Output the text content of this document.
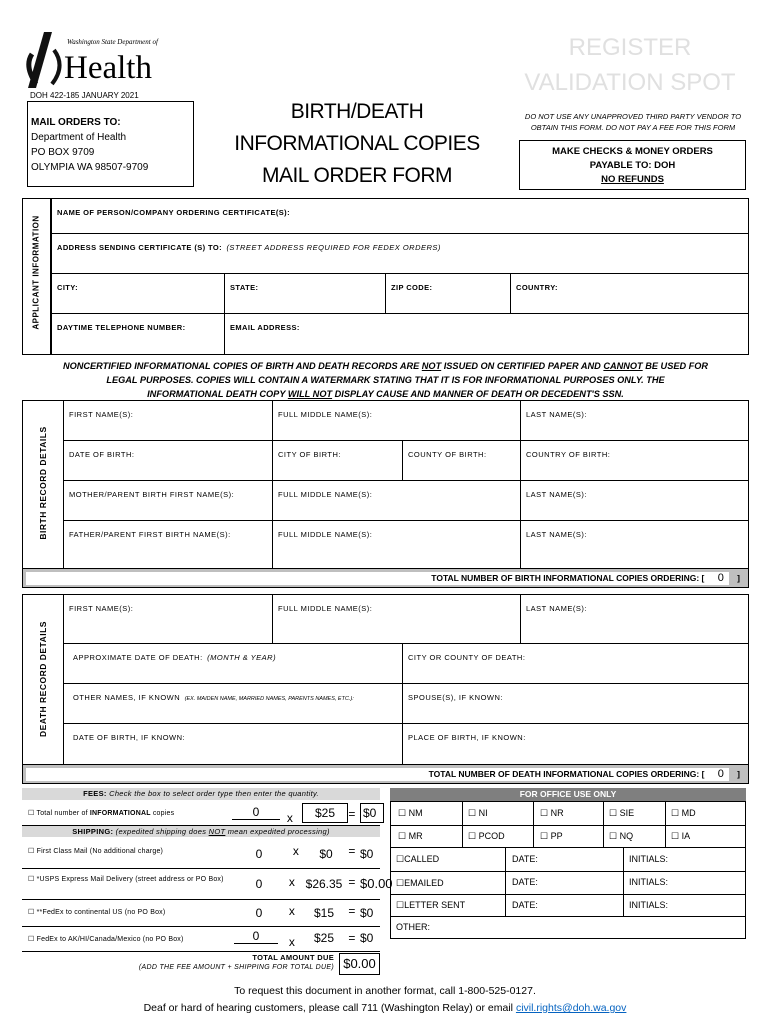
Washington State Department of
Health
DOH 422-185 JANUARY 2021
MAIL ORDERS TO:
Department of Health
PO BOX 9709
OLYMPIA WA 98507-9709
BIRTH/DEATH
INFORMATIONAL COPIES
MAIL ORDER FORM
REGISTER
VALIDATION SPOT
DO NOT USE ANY UNAPPROVED THIRD PARTY VENDOR TO OBTAIN THIS FORM. DO NOT PAY A FEE FOR THIS FORM
MAKE CHECKS & MONEY ORDERS
PAYABLE TO: DOH
NO REFUNDS
APPLICANT INFORMATION
NAME OF PERSON/COMPANY ORDERING CERTIFICATE(S):
ADDRESS SENDING CERTIFICATE (S) TO: (STREET ADDRESS REQUIRED FOR FEDEX ORDERS)
CITY:	STATE:	ZIP CODE:	COUNTRY:
DAYTIME TELEPHONE NUMBER:	EMAIL ADDRESS:
NONCERTIFIED INFORMATIONAL COPIES OF BIRTH AND DEATH RECORDS ARE NOT ISSUED ON CERTIFIED PAPER AND CANNOT BE USED FOR
LEGAL PURPOSES. COPIES WILL CONTAIN A WATERMARK STATING THAT IT IS FOR INFORMATIONAL PURPOSES ONLY. THE
INFORMATIONAL DEATH COPY WILL NOT DISPLAY CAUSE AND MANNER OF DEATH OR DECEDENT'S SSN.
BIRTH RECORD DETAILS
FIRST NAME(S):	FULL MIDDLE NAME(S):	LAST NAME(S):
DATE OF BIRTH:	CITY OF BIRTH:	COUNTY OF BIRTH:	COUNTRY OF BIRTH:
MOTHER/PARENT BIRTH FIRST NAME(S):	FULL MIDDLE NAME(S):	LAST NAME(S):
FATHER/PARENT FIRST BIRTH NAME(S):	FULL MIDDLE NAME(S):	LAST NAME(S):
TOTAL NUMBER OF BIRTH INFORMATIONAL COPIES ORDERING: [ 0 ]
DEATH RECORD DETAILS
FIRST NAME(S):	FULL MIDDLE NAME(S):	LAST NAME(S):
APPROXIMATE DATE OF DEATH: (MONTH & YEAR)	CITY OR COUNTY OF DEATH:
OTHER NAMES, IF KNOWN (EX. MAIDEN NAME, MARRIED NAMES, PARENTS NAMES, ETC.):	SPOUSE(S), IF KNOWN:
DATE OF BIRTH, IF KNOWN:	PLACE OF BIRTH, IF KNOWN:
TOTAL NUMBER OF DEATH INFORMATIONAL COPIES ORDERING: [ 0 ]
FEES: Check the box to select order type then enter the quantity.
☐ Total number of INFORMATIONAL copies	0	x	$25	= $0
SHIPPING: (expedited shipping does NOT mean expedited processing)
☐ First Class Mail (No additional charge)	0	x	$0	= $0
☐ *USPS Express Mail Delivery (street address or PO Box)	0	x $26.35 = $0.00
☐ **FedEx to continental US (no PO Box)	0	x	$15	= $0
☐ FedEx to AK/HI/Canada/Mexico (no PO Box)	0	x	$25	= $0
TOTAL AMOUNT DUE
(ADD THE FEE AMOUNT + SHIPPING FOR TOTAL DUE) $0.00
FOR OFFICE USE ONLY
☐ NM	☐ NI	☐ NR	☐ SIE	☐ MD
☐ MR	☐ PCOD	☐ PP	☐ NQ	☐ IA
☐CALLED	DATE:	INITIALS:
☐EMAILED	DATE:	INITIALS:
☐LETTER SENT	DATE:	INITIALS:
OTHER:
To request this document in another format, call 1-800-525-0127.
Deaf or hard of hearing customers, please call 711 (Washington Relay) or email civil.rights@doh.wa.gov
